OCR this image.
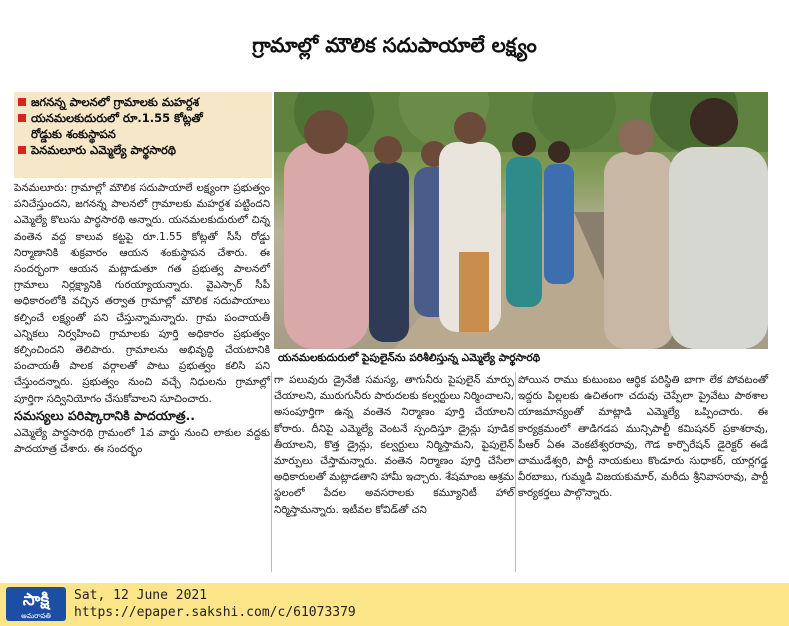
గ్రామాల్లో మౌలిక సదుపాయాలే లక్ష్యం
జగనన్న పాలనలో గ్రామాలకు మహర్దశ
యనమలకుదురులో రూ.1.55 కోట్లతో
రోడ్డుకు శంకుస్థాపన
పెనమలూరు ఎమ్మెల్యే పార్థసారథి
యనమలకుదురులో పైపులైన్‌ను పరిశీలిస్తున్న ఎమ్మెల్యే పార్థసారథి

పెనమలూరు: గ్రామాల్లో మౌలిక సదుపాయాలే లక్ష్యంగా ప్రభుత్వం పనిచేస్తుందని, జగనన్న పాలనలో గ్రామాలకు మహర్దశ పట్టిందని ఎమ్మెల్యే కొలుసు పార్థసారథి అన్నారు. యనమలకుదురులో చిన్న వంతెన వద్ద కాలువ కట్టపై రూ.1.55 కోట్లతో సీసీ రోడ్డు నిర్మాణానికి శుక్రవారం ఆయన శంకుస్థాపన చేశారు. ఈ సందర్భంగా ఆయన మట్లాడుతూ గత ప్రభుత్వ పాలనలో గ్రామాలు నిర్లక్ష్యానికి గురయ్యాయన్నారు. వైఎస్సార్ సీపీ అధికారంలోకి వచ్చిన తర్వాత గ్రామాల్లో మౌలిక సదుపాయాలు కల్పించే లక్ష్యంతో పని చేస్తున్నామన్నారు. గ్రామ పంచాయతీ ఎన్నికలు నిర్వహించి గ్రామాలకు పూర్తి అధికారం ప్రభుత్వం కల్పించిందని తెలిపారు. గ్రామాలను అభివృద్ధి చేయటానికి పంచాయతీ పాలక వర్గాలతో పాటు ప్రభుత్వం కలిసి పని చేస్తుందన్నారు. ప్రభుత్వం నుంచి వచ్చే నిధులను గ్రామాల్లో పూర్తిగా సద్వినియోగం చేసుకోవాలని సూచించారు.

సమస్యలు పరిష్కారానికి పాదయాత్ర..

ఎమ్మెల్యే పార్థసారథి గ్రామంలో 1వ వార్డు నుంచి లాకుల వద్దకు పాదయాత్ర చేశారు. ఈ సందర్భం

గా పలువురు డ్రైనేజీ సమస్య, తాగునీరు పైపులైన్ మార్పు చేయాలని, మురుగునీరు పారుదలకు కల్వర్టులు నిర్మించాలని, అసంపూర్తిగా ఉన్న వంతెన నిర్మాణం పూర్తి చేయాలని కోరారు. దీనిపై ఎమ్మెల్యే వెంటనే స్పందిస్తూ డ్రైన్లు పూడిక తీయాలని, కొత్త డ్రైన్లు, కల్వర్టులు నిర్మిస్తామని, పైపులైన్ మార్పులు చేస్తామన్నారు. వంతెన నిర్మాణం పూర్తి చేసేలా అధికారులతో మట్లాడతాని హామీ ఇచ్చారు. శేషమాంబ ఆశ్రమ స్థలంలో పేదల అవసరాలకు కమ్యూనిటీ హాల్ నిర్మిస్తామన్నారు. ఇటీవల కోవిడ్‌తో చని

పోయిన రాము కుటుంబం ఆర్థిక పరిస్థితి బాగా లేక పోవటంతో ఇద్దరు పిల్లలకు ఉచితంగా చదువు చెప్పేలా ప్రైవేటు పాఠశాల యాజమాన్యంతో మాట్లాడి ఎమ్మెల్యే ఒప్పించారు. ఈ కార్యక్రమంలో తాడిగడప మున్సిపాల్టీ కమిషనర్ ప్రకాశరావు, పీఆర్ ఏఈ వెంకటేశ్వరరావు, గౌడ కార్పొరేషన్ డైరెక్టర్ ఈడే చాముడేశ్వరి, పార్టీ నాయకులు కొండూరు సుధాకర్, యార్లగడ్డ వీరబాబు, గుమ్మడి విజయకుమార్, మరీదు శ్రీనివాసరావు, పార్టీ కార్యకర్తలు పాల్గొన్నారు.

సాక్షి
అమరావతి
Sat, 12 June 2021
https://epaper.sakshi.com/c/61073379
